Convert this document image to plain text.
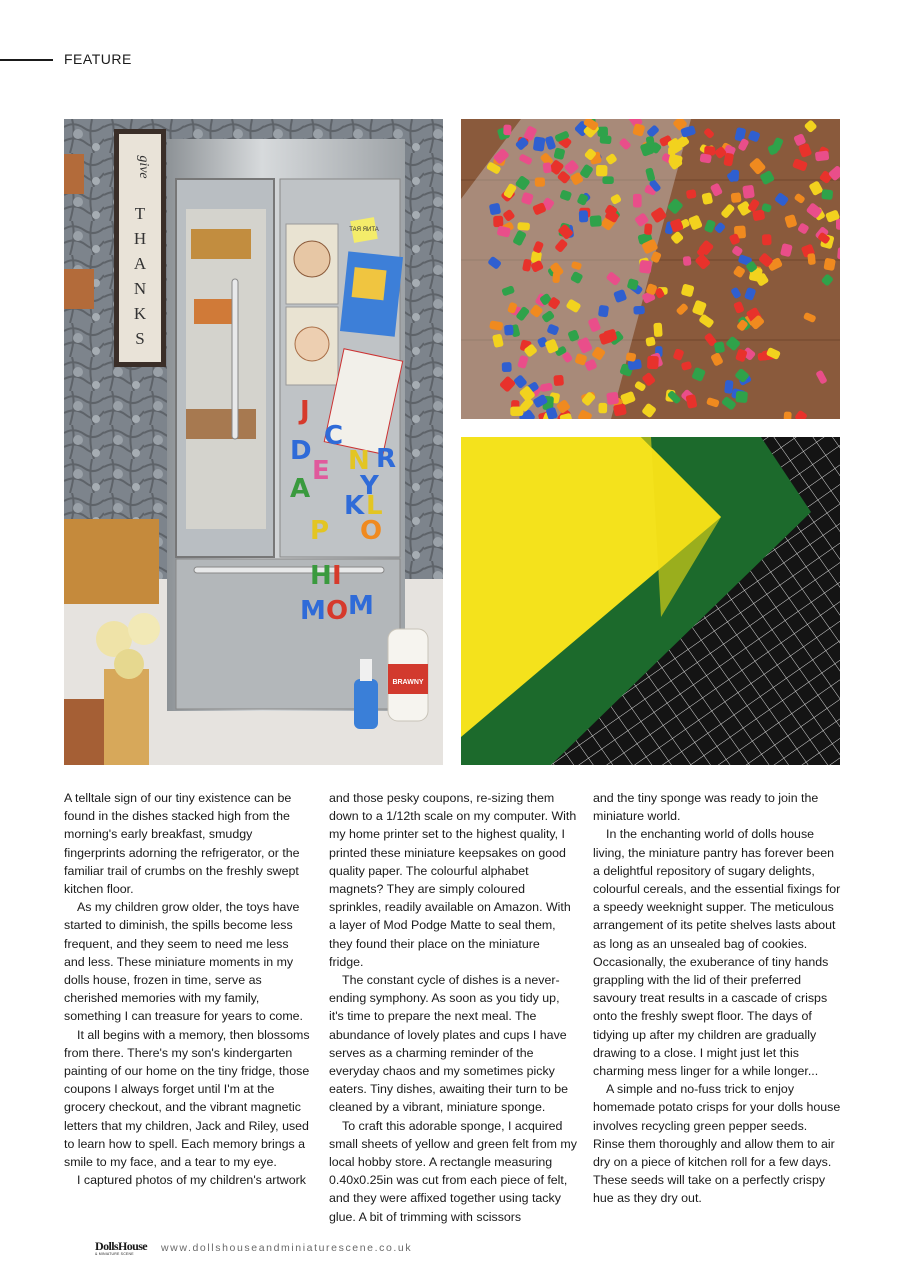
FEATURE
give
T
H
A
N
K
S
ТАЯ ЯИТА
J
C
N R
D
E Y
A
L
K
O
P
H I
M O M
BRAWNY

A telltale sign of our tiny existence can be found in the dishes stacked high from the morning's early breakfast, smudgy fingerprints adorning the refrigerator, or the familiar trail of crumbs on the freshly swept kitchen floor.

As my children grow older, the toys have started to diminish, the spills become less frequent, and they seem to need me less and less. These miniature moments in my dolls house, frozen in time, serve as cherished memories with my family, something I can treasure for years to come.

It all begins with a memory, then blossoms from there. There's my son's kindergarten painting of our home on the tiny fridge, those coupons I always forget until I'm at the grocery checkout, and the vibrant magnetic letters that my children, Jack and Riley, used to learn how to spell. Each memory brings a smile to my face, and a tear to my eye.

I captured photos of my children's artwork

and those pesky coupons, re-sizing them down to a 1/12th scale on my computer. With my home printer set to the highest quality, I printed these miniature keepsakes on good quality paper. The colourful alphabet magnets? They are simply coloured sprinkles, readily available on Amazon. With a layer of Mod Podge Matte to seal them, they found their place on the miniature fridge.

The constant cycle of dishes is a never-ending symphony. As soon as you tidy up, it's time to prepare the next meal. The abundance of lovely plates and cups I have serves as a charming reminder of the everyday chaos and my sometimes picky eaters. Tiny dishes, awaiting their turn to be cleaned by a vibrant, miniature sponge.

To craft this adorable sponge, I acquired small sheets of yellow and green felt from my local hobby store. A rectangle measuring 0.40x0.25in was cut from each piece of felt, and they were affixed together using tacky glue. A bit of trimming with scissors

and the tiny sponge was ready to join the miniature world.

In the enchanting world of dolls house living, the miniature pantry has forever been a delightful repository of sugary delights, colourful cereals, and the essential fixings for a speedy weeknight supper. The meticulous arrangement of its petite shelves lasts about as long as an unsealed bag of cookies. Occasionally, the exuberance of tiny hands grappling with the lid of their preferred savoury treat results in a cascade of crisps onto the freshly swept floor. The days of tidying up after my children are gradually drawing to a close. I might just let this charming mess linger for a while longer...

A simple and no-fuss trick to enjoy homemade potato crisps for your dolls house involves recycling green pepper seeds. Rinse them thoroughly and allow them to air dry on a piece of kitchen roll for a few days. These seeds will take on a perfectly crispy hue as they dry out.

DollsHouse
& MINIATURE SCENE	www.dollshouseandminiaturescene.co.uk
